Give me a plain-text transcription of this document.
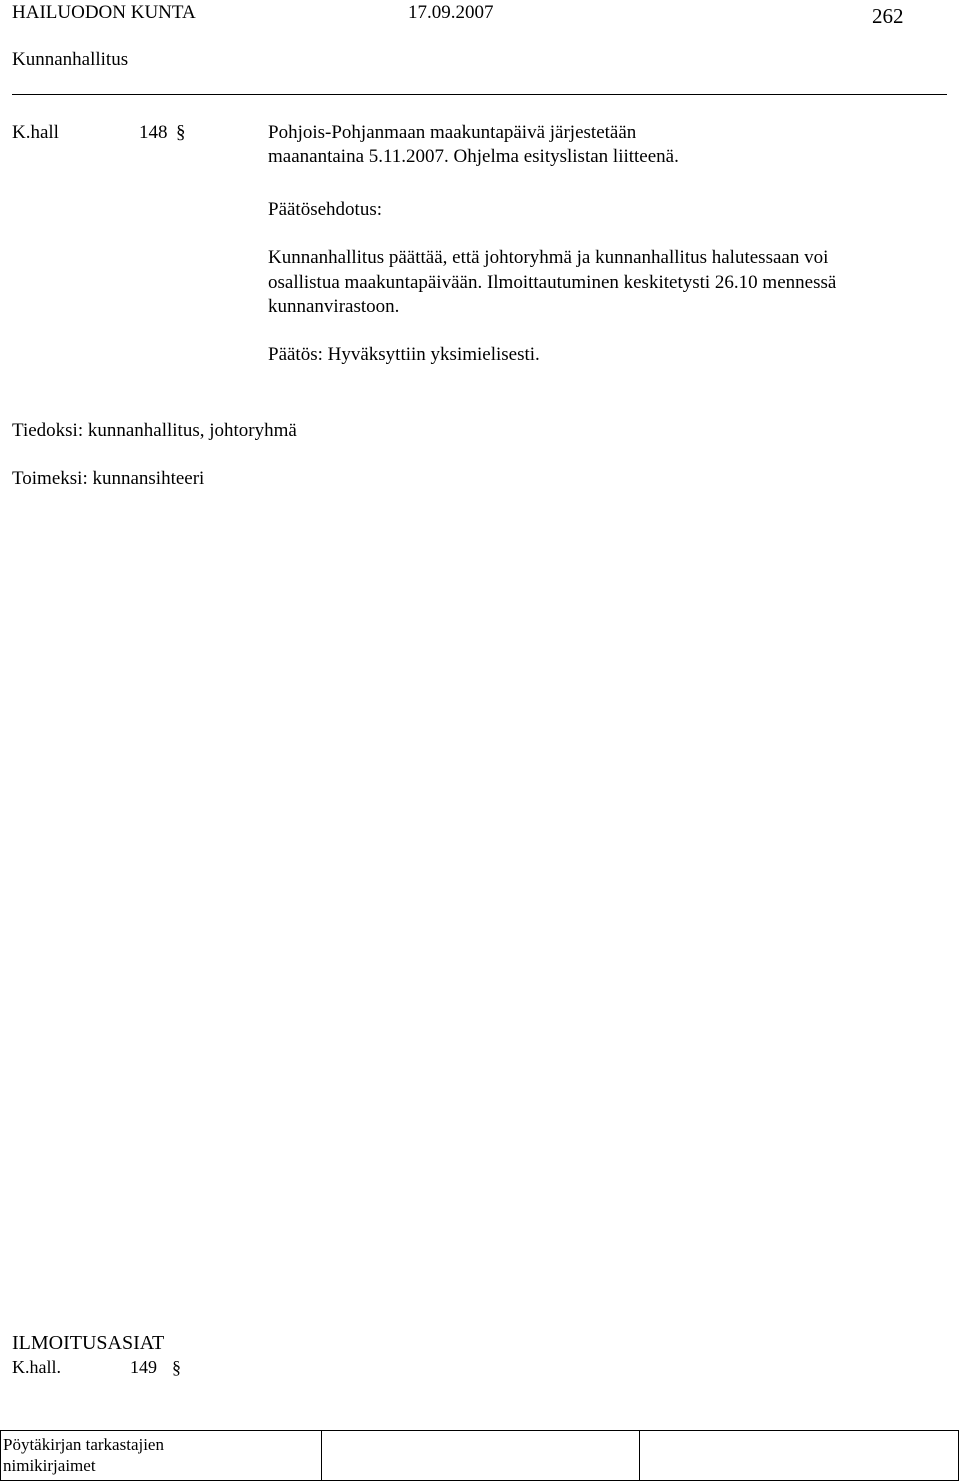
HAILUODON KUNTA	17.09.2007	262
Kunnanhallitus
K.hall	148 §	Pohjois-Pohjanmaan maakuntapäivä järjestetään
maanantaina 5.11.2007. Ohjelma esityslistan liitteenä.
Päätösehdotus:
Kunnanhallitus päättää, että johtoryhmä ja kunnanhallitus halutessaan voi
osallistua maakuntapäivään. Ilmoittautuminen keskitetysti 26.10 mennessä
kunnanvirastoon.
Päätös: Hyväksyttiin yksimielisesti.
Tiedoksi: kunnanhallitus, johtoryhmä
Toimeksi: kunnansihteeri
ILMOITUSASIAT
K.hall.	149 §
Pöytäkirjan tarkastajien
nimikirjaimet
